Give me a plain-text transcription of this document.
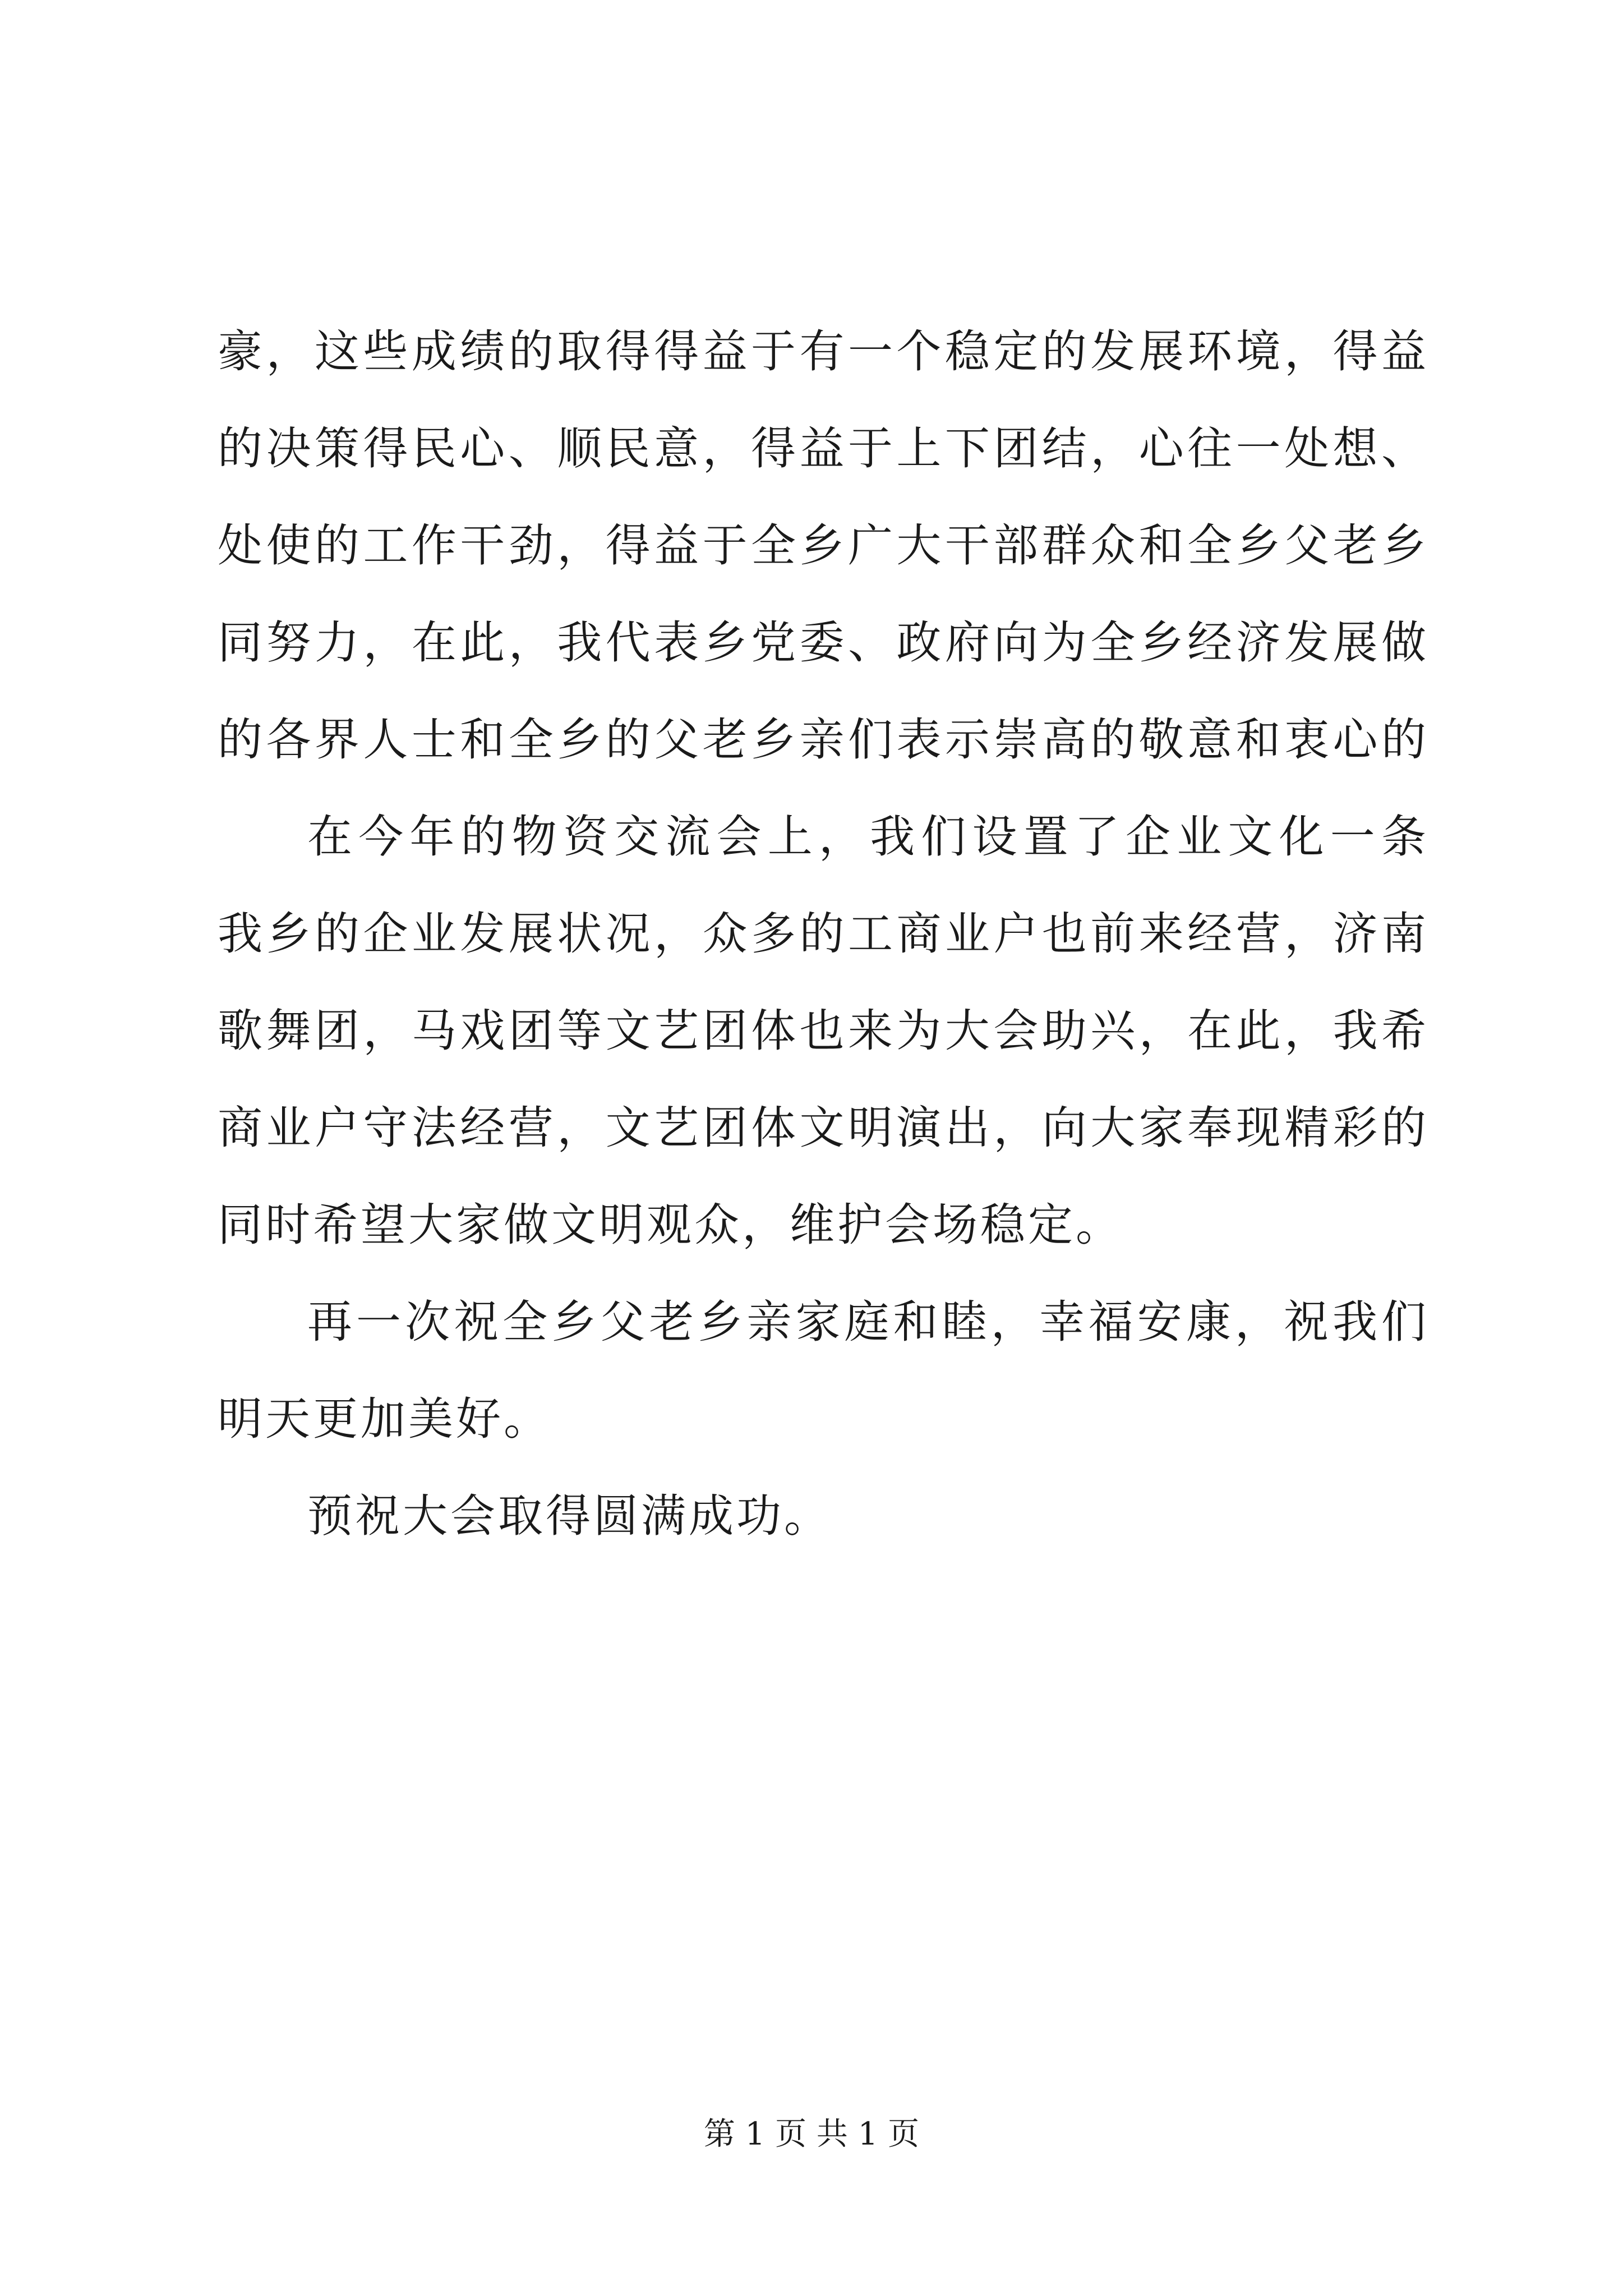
豪，这些成绩的取得得益于有一个稳定的发展环境，得益
的决策得民心、顺民意，得益于上下团结，心往一处想、
处使的工作干劲，得益于全乡广大干部群众和全乡父老乡
同努力，在此，我代表乡党委、政府向为全乡经济发展做
的各界人士和全乡的父老乡亲们表示崇高的敬意和衷心的
在今年的物资交流会上，我们设置了企业文化一条
我乡的企业发展状况，众多的工商业户也前来经营，济南
歌舞团，马戏团等文艺团体也来为大会助兴，在此，我希
商业户守法经营，文艺团体文明演出，向大家奉现精彩的
同时希望大家做文明观众，维护会场稳定。
再一次祝全乡父老乡亲家庭和睦，幸福安康，祝我们
明天更加美好。
预祝大会取得圆满成功。
第 1 页 共 1 页
